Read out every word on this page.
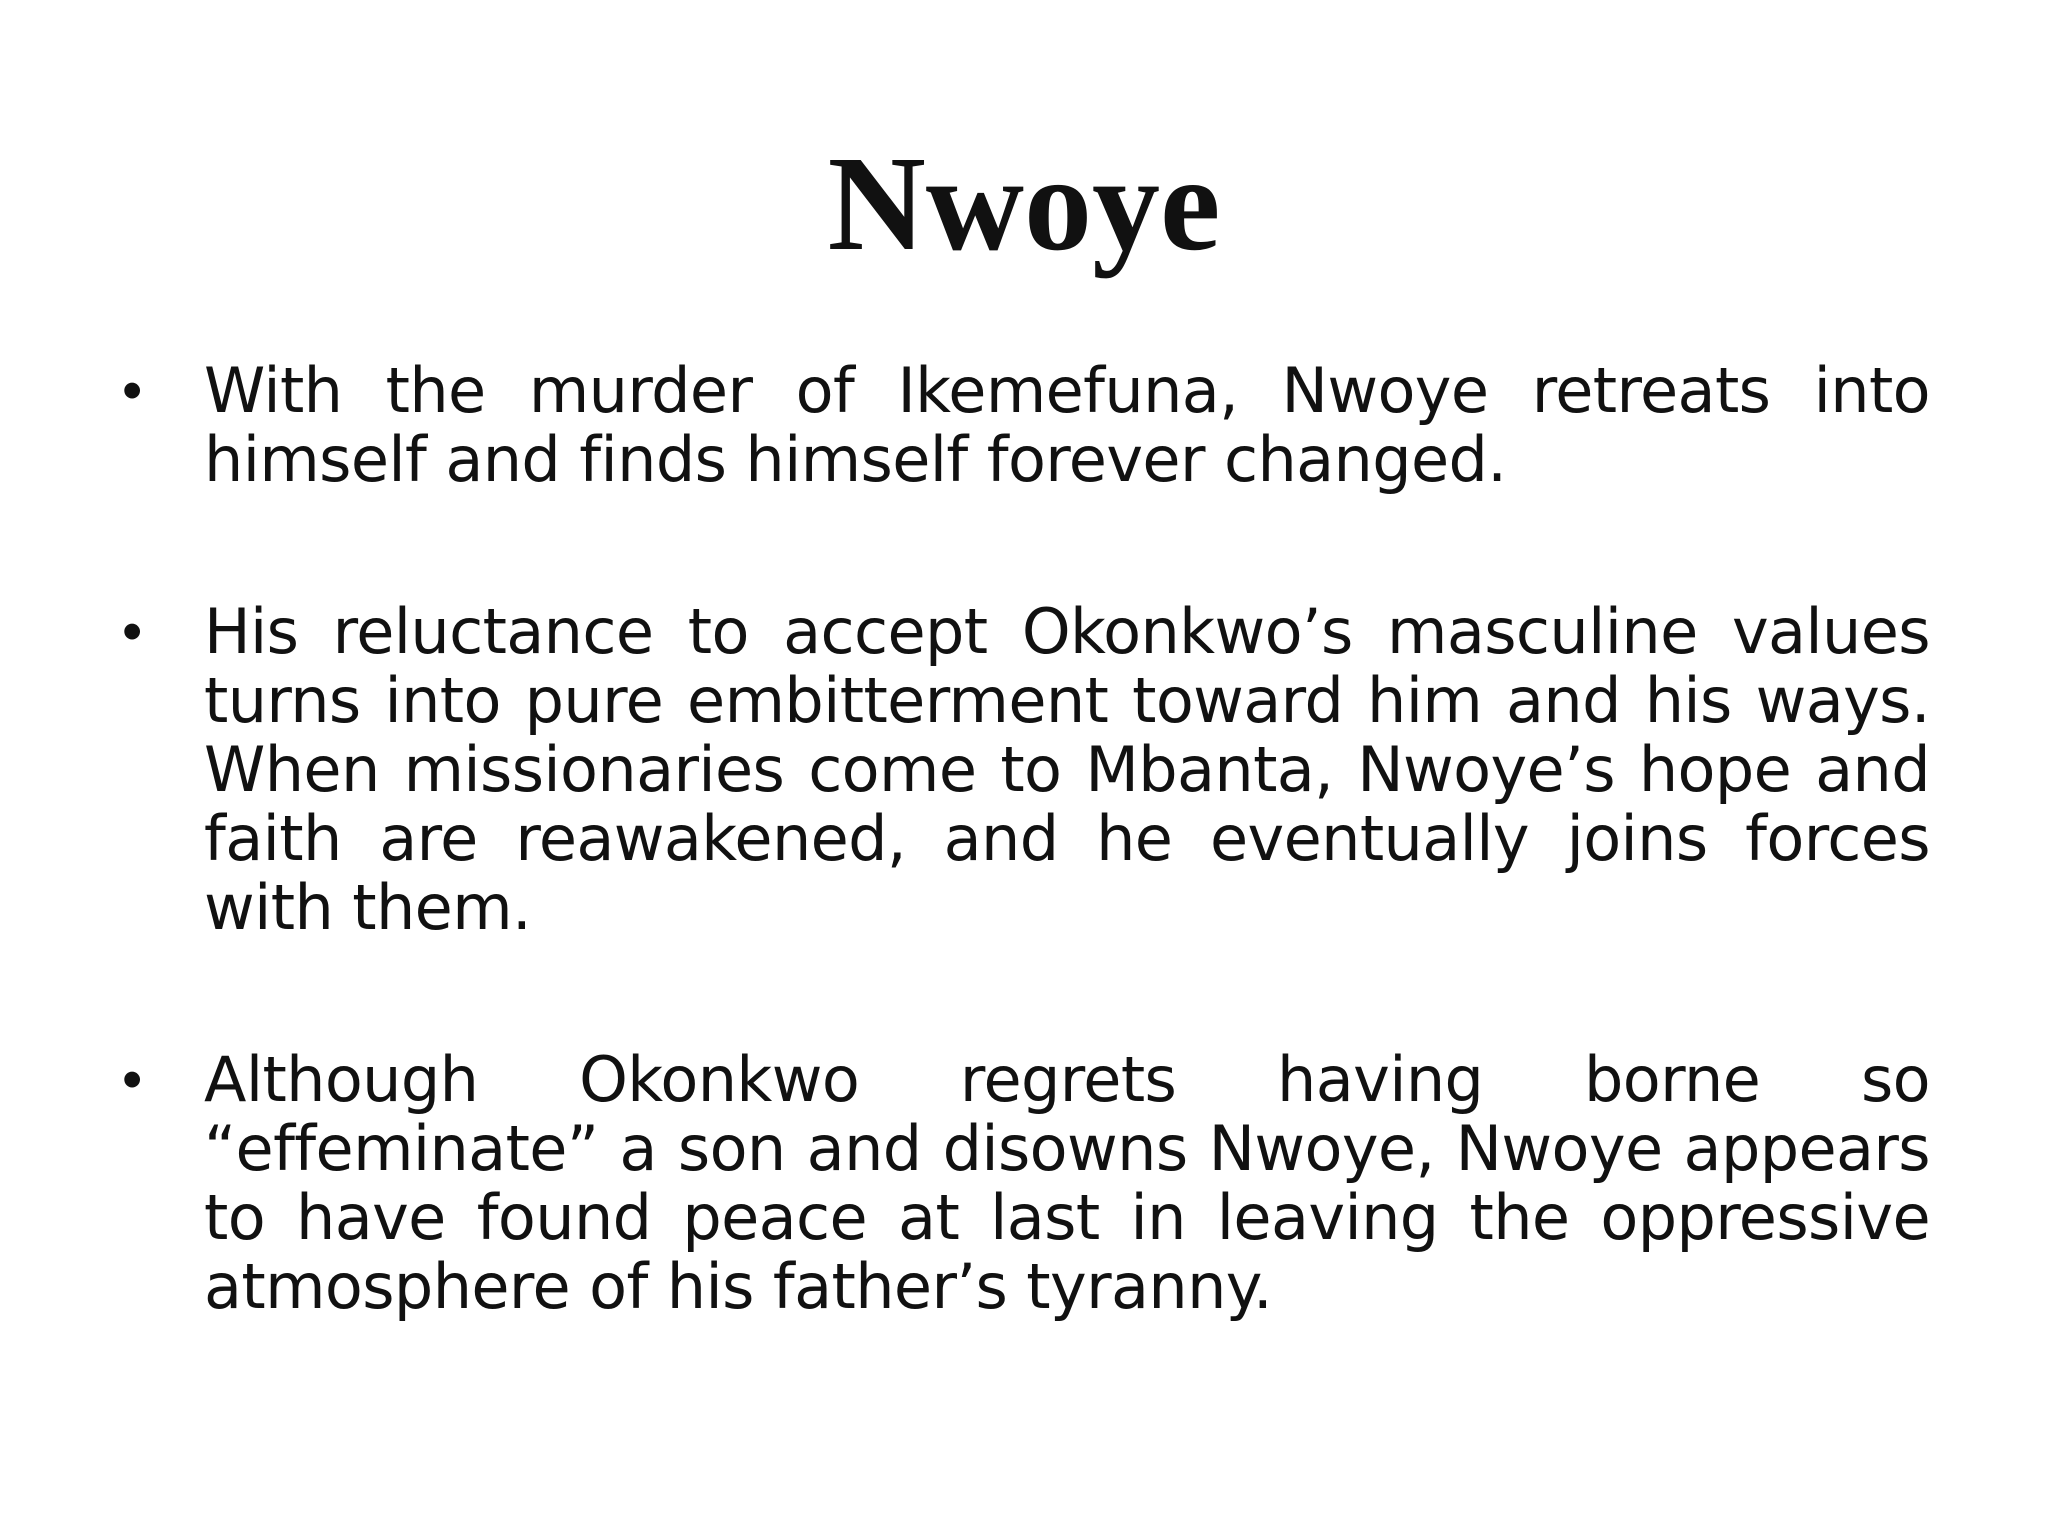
Nwoye
• With the murder of Ikemefuna, Nwoye retreats into himself and finds himself forever changed.
• His reluctance to accept Okonkwo’s masculine values turns into pure embitterment toward him and his ways. When missionaries come to Mbanta, Nwoye’s hope and faith are reawakened, and he eventually joins forces with them.
• Although Okonkwo regrets having borne so “effeminate” a son and disowns Nwoye, Nwoye appears to have found peace at last in leaving the oppressive atmosphere of his father’s tyranny.
